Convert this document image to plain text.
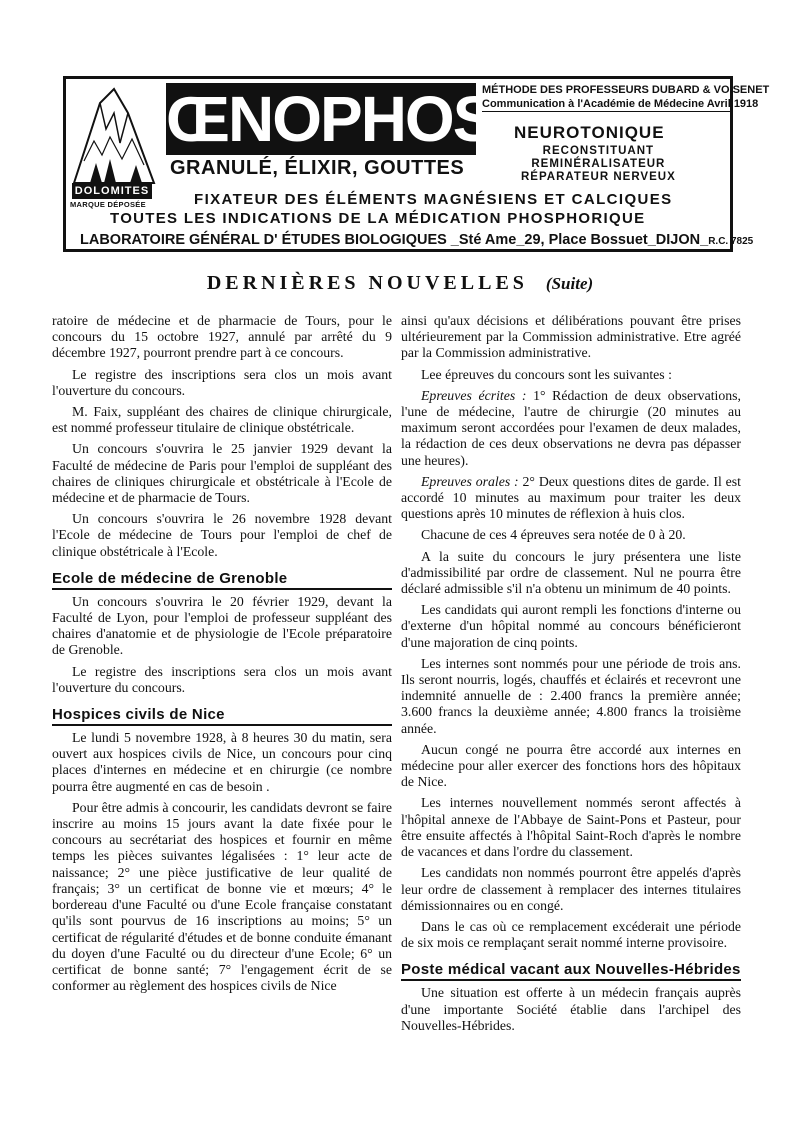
DOLOMITES
MARQUE DÉPOSÉE
ŒNOPHOS
MÉTHODE DES PROFESSEURS DUBARD & VOISENET
Communication à l'Académie de Médecine Avril 1918
NEUROTONIQUE
RECONSTITUANT
REMINÉRALISATEUR
RÉPARATEUR NERVEUX
GRANULÉ, ÉLIXIR, GOUTTES
FIXATEUR DES ÉLÉMENTS MAGNÉSIENS ET CALCIQUES
TOUTES LES INDICATIONS DE LA MÉDICATION PHOSPHORIQUE
LABORATOIRE GÉNÉRAL D' ÉTUDES BIOLOGIQUES _Sté Ame_29, Place Bossuet_DIJON_R.C. 7825
DERNIÈRES NOUVELLES (Suite)

ratoire de médecine et de pharmacie de Tours, pour le concours du 15 octobre 1927, annulé par arrêté du 9 décembre 1927, pourront prendre part à ce concours.

Le registre des inscriptions sera clos un mois avant l'ouverture du concours.

M. Faix, suppléant des chaires de clinique chirurgicale, est nommé professeur titulaire de clinique obstétricale.

Un concours s'ouvrira le 25 janvier 1929 devant la Faculté de médecine de Paris pour l'emploi de suppléant des chaires de cliniques chirurgicale et obstétricale à l'Ecole de médecine et de pharmacie de Tours.

Un concours s'ouvrira le 26 novembre 1928 devant l'Ecole de médecine de Tours pour l'emploi de chef de clinique obstétricale à l'Ecole.

Ecole de médecine de Grenoble

Un concours s'ouvrira le 20 février 1929, devant la Faculté de Lyon, pour l'emploi de professeur suppléant des chaires d'anatomie et de physiologie de l'Ecole préparatoire de Grenoble.

Le registre des inscriptions sera clos un mois avant l'ouverture du concours.

Hospices civils de Nice

Le lundi 5 novembre 1928, à 8 heures 30 du matin, sera ouvert aux hospices civils de Nice, un concours pour cinq places d'internes en médecine et en chirurgie (ce nombre pourra être augmenté en cas de besoin .

Pour être admis à concourir, les candidats devront se faire inscrire au moins 15 jours avant la date fixée pour le concours au secrétariat des hospices et fournir en même temps les pièces suivantes légalisées : 1° leur acte de naissance; 2° une pièce justificative de leur qualité de français; 3° un certificat de bonne vie et mœurs; 4° le bordereau d'une Faculté ou d'une Ecole française constatant qu'ils sont pourvus de 16 inscriptions au moins; 5° un certificat de régularité d'études et de bonne conduite émanant du doyen d'une Faculté ou du directeur d'une Ecole; 6° un certificat de bonne santé; 7° l'engagement écrit de se conformer au règlement des hospices civils de Nice

ainsi qu'aux décisions et délibérations pouvant être prises ultérieurement par la Commission administrative. Etre agréé par la Commission administrative.

Lee épreuves du concours sont les suivantes :

Epreuves écrites : 1° Rédaction de deux observations, l'une de médecine, l'autre de chirurgie (20 minutes au maximum seront accordées pour l'examen de deux malades, la rédaction de ces deux observations ne devra pas dépasser une heures).

Epreuves orales : 2° Deux questions dites de garde. Il est accordé 10 minutes au maximum pour traiter les deux questions après 10 minutes de réflexion à huis clos.

Chacune de ces 4 épreuves sera notée de 0 à 20.

A la suite du concours le jury présentera une liste d'admissibilité par ordre de classement. Nul ne pourra être déclaré admissible s'il n'a obtenu un minimum de 40 points.

Les candidats qui auront rempli les fonctions d'interne ou d'externe d'un hôpital nommé au concours bénéficieront d'une majoration de cinq points.

Les internes sont nommés pour une période de trois ans. Ils seront nourris, logés, chauffés et éclairés et recevront une indemnité annuelle de : 2.400 francs la première année; 3.600 francs la deuxième année; 4.800 francs la troisième année.

Aucun congé ne pourra être accordé aux internes en médecine pour aller exercer des fonctions hors des hôpitaux de Nice.

Les internes nouvellement nommés seront affectés à l'hôpital annexe de l'Abbaye de Saint-Pons et Pasteur, pour être ensuite affectés à l'hôpital Saint-Roch d'après le nombre de vacances et dans l'ordre du classement.

Les candidats non nommés pourront être appelés d'après leur ordre de classement à remplacer des internes titulaires démissionnaires ou en congé.

Dans le cas où ce remplacement excéderait une période de six mois ce remplaçant serait nommé interne provisoire.

Poste médical vacant aux Nouvelles-Hébrides

Une situation est offerte à un médecin français auprès d'une importante Société établie dans l'archipel des Nouvelles-Hébrides.
